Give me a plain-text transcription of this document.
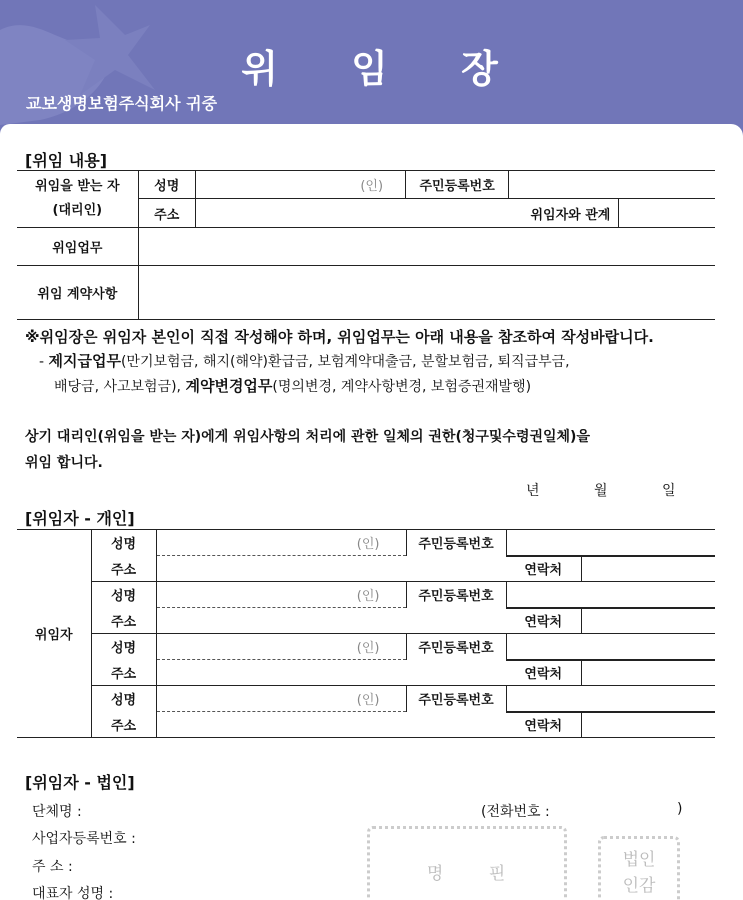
위 임 장
교보생명보험주식회사 귀중
[위임 내용]
위임을 받는 자
(대리인)	성명	(인)	주민등록번호		
	주소			위임자와 관계	
위임업무					
위임 계약사항					
※위임장은 위임자 본인이 직접 작성해야 하며, 위임업무는 아래 내용을 참조하여 작성바랍니다.
- 제지급업무(만기보험금, 해지(해약)환급금, 보험계약대출금, 분할보험금, 퇴직급부금,
배당금, 사고보험금), 계약변경업무(명의변경, 계약사항변경, 보험증권재발행)
상기 대리인(위임을 받는 자)에게 위임사항의 처리에 관한 일체의 권한(청구및수령권일체)을
위임 합니다.
년	월	일
[위임자 - 개인]
위임자	성명	(인)	주민등록번호		
	주소			연락처	
	성명	(인)	주민등록번호		
	주소			연락처	
	성명	(인)	주민등록번호		
	주소			연락처	
	성명	(인)	주민등록번호		
	주소			연락처	
[위임자 - 법인]
단체명 :	(전화번호 :	)
사업자등록번호 :
주 소 :
대표자 성명 :
명 핀
법인
인감
